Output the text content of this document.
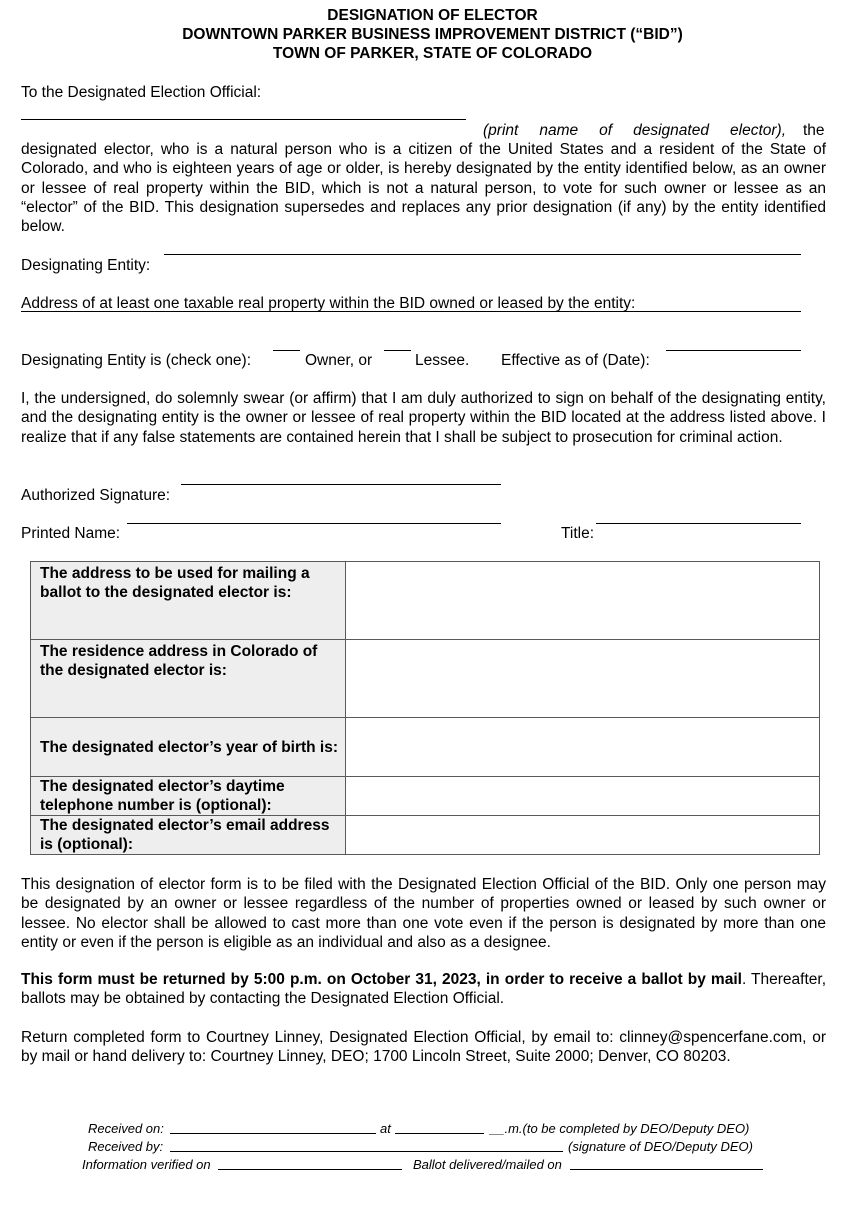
DESIGNATION OF ELECTOR
DOWNTOWN PARKER BUSINESS IMPROVEMENT DISTRICT (“BID”)
TOWN OF PARKER, STATE OF COLORADO
To the Designated Election Official:
(print name of designated elector), the
designated elector, who is a natural person who is a citizen of the United States and a resident of the State of Colorado, and who is eighteen years of age or older, is hereby designated by the entity identified below, as an owner or lessee of real property within the BID, which is not a natural person, to vote for such owner or lessee as an “elector” of the BID. This designation supersedes and replaces any prior designation (if any) by the entity identified below.
Designating Entity:
Address of at least one taxable real property within the BID owned or leased by the entity:
Designating Entity is (check one):	Owner, or	Lessee. Effective as of (Date):
I, the undersigned, do solemnly swear (or affirm) that I am duly authorized to sign on behalf of the designating entity, and the designating entity is the owner or lessee of real property within the BID located at the address listed above. I realize that if any false statements are contained herein that I shall be subject to prosecution for criminal action.
Authorized Signature:
Printed Name:	Title:
The address to be used for mailing a ballot to the designated elector is:	
The residence address in Colorado of the designated elector is:	
The designated elector’s year of birth is:	
The designated elector’s daytime telephone number is (optional):	
The designated elector’s email address is (optional):	
This designation of elector form is to be filed with the Designated Election Official of the BID. Only one person may be designated by an owner or lessee regardless of the number of properties owned or leased by such owner or lessee. No elector shall be allowed to cast more than one vote even if the person is designated by more than one entity or even if the person is eligible as an individual and also as a designee.
This form must be returned by 5:00 p.m. on October 31, 2023, in order to receive a ballot by mail. Thereafter, ballots may be obtained by contacting the Designated Election Official.
Return completed form to Courtney Linney, Designated Election Official, by email to: clinney@spencerfane.com, or by mail or hand delivery to: Courtney Linney, DEO; 1700 Lincoln Street, Suite 2000; Denver, CO 80203.
Received on:	at	__.m.(to be completed by DEO/Deputy DEO)
Received by:	(signature of DEO/Deputy DEO)
Information verified on	Ballot delivered/mailed on
